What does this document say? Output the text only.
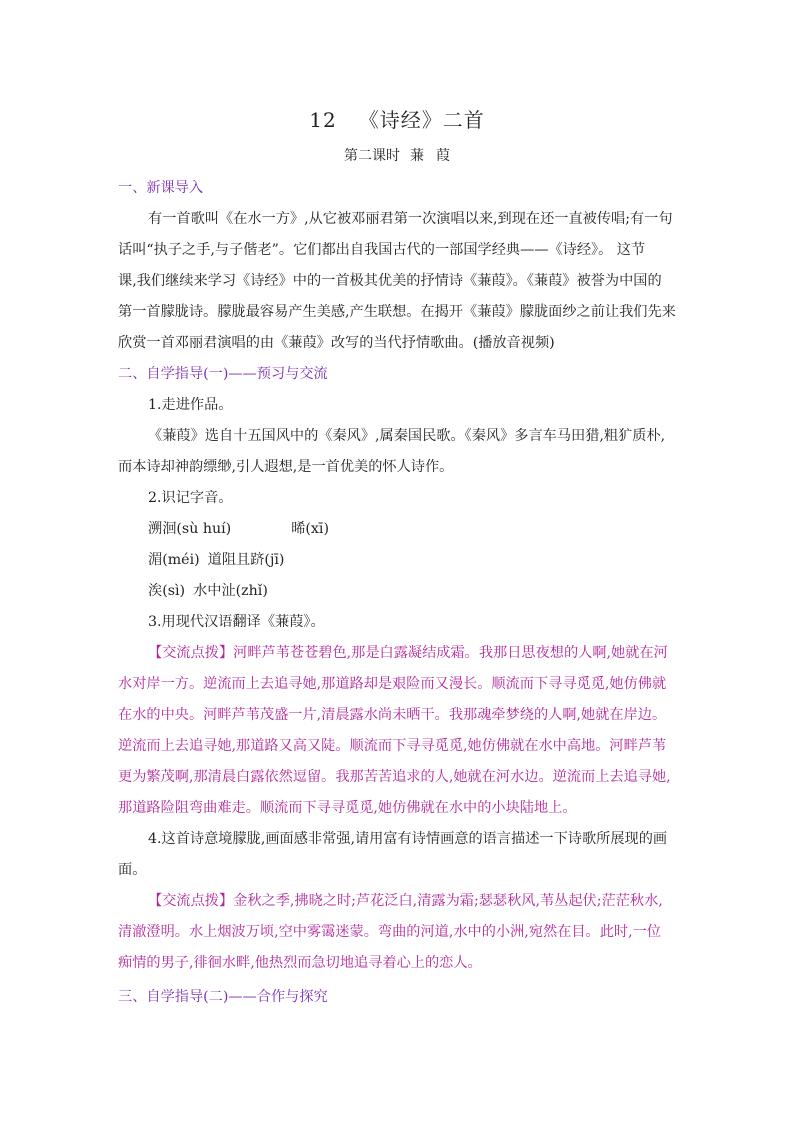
12 《诗经》二首
第二课时 蒹 葭
一、新课导入
有一首歌叫《在水一方》,从它被邓丽君第一次演唱以来,到现在还一直被传唱;有一句
话叫“执子之手,与子偕老”。它们都出自我国古代的一部国学经典——《诗经》。 这节
课,我们继续来学习《诗经》中的一首极其优美的抒情诗《蒹葭》。《蒹葭》被誉为中国的
第一首朦胧诗。朦胧最容易产生美感,产生联想。在揭开《蒹葭》朦胧面纱之前让我们先来
欣赏一首邓丽君演唱的由《蒹葭》改写的当代抒情歌曲。(播放音视频)
二、自学指导(一)——预习与交流
1.走进作品。
《蒹葭》选自十五国风中的《秦风》,属秦国民歌。《秦风》多言车马田猎,粗犷质朴,
而本诗却神韵缥缈,引人遐想,是一首优美的怀人诗作。
2.识记字音。
溯洄(sù huí)	晞(xī)
湄(méi) 道阻且跻(jī)
涘(sì) 水中沚(zhǐ)
3.用现代汉语翻译《蒹葭》。
【交流点拨】河畔芦苇苍苍碧色,那是白露凝结成霜。我那日思夜想的人啊,她就在河
水对岸一方。逆流而上去追寻她,那道路却是艰险而又漫长。顺流而下寻寻觅觅,她仿佛就
在水的中央。河畔芦苇茂盛一片,清晨露水尚未晒干。我那魂牵梦绕的人啊,她就在岸边。
逆流而上去追寻她,那道路又高又陡。顺流而下寻寻觅觅,她仿佛就在水中高地。河畔芦苇
更为繁茂啊,那清晨白露依然逗留。我那苦苦追求的人,她就在河水边。逆流而上去追寻她,
那道路险阻弯曲难走。顺流而下寻寻觅觅,她仿佛就在水中的小块陆地上。
4.这首诗意境朦胧,画面感非常强,请用富有诗情画意的语言描述一下诗歌所展现的画
面。
【交流点拨】金秋之季,拂晓之时;芦花泛白,清露为霜;瑟瑟秋风,苇丛起伏;茫茫秋水,
清澈澄明。水上烟波万顷,空中雾霭迷蒙。弯曲的河道,水中的小洲,宛然在目。此时,一位
痴情的男子,徘徊水畔,他热烈而急切地追寻着心上的恋人。
三、自学指导(二)——合作与探究
